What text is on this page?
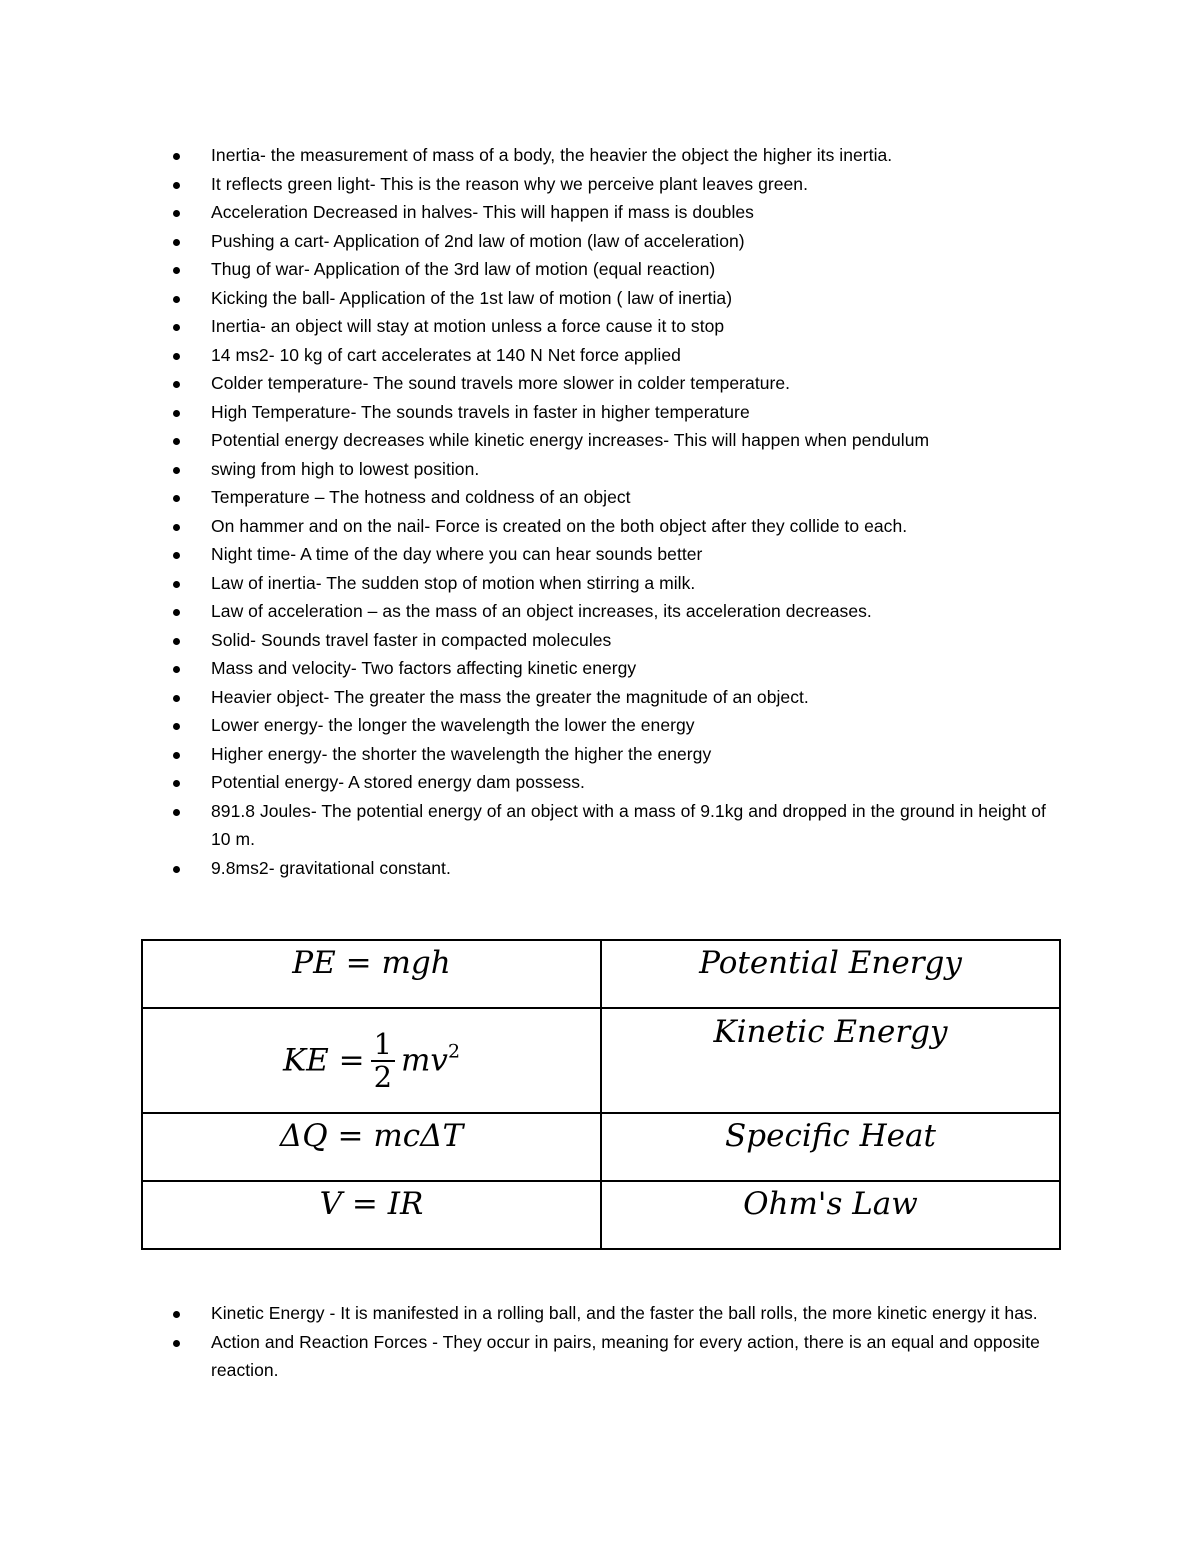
Inertia- the measurement of mass of a body, the heavier the object the higher its inertia.
It reflects green light- This is the reason why we perceive plant leaves green.
Acceleration Decreased in halves- This will happen if mass is doubles
Pushing a cart- Application of 2nd law of motion (law of acceleration)
Thug of war- Application of the 3rd law of motion (equal reaction)
Kicking the ball- Application of the 1st law of motion ( law of inertia)
Inertia- an object will stay at motion unless a force cause it to stop
14 ms2- 10 kg of cart accelerates at 140 N Net force applied
Colder temperature- The sound travels more slower in colder temperature.
High Temperature- The sounds travels in faster in higher temperature
Potential energy decreases while kinetic energy increases- This will happen when pendulum
swing from high to lowest position.
Temperature – The hotness and coldness of an object
On hammer and on the nail- Force is created on the both object after they collide to each.
Night time- A time of the day where you can hear sounds better
Law of inertia- The sudden stop of motion when stirring a milk.
Law of acceleration – as the mass of an object increases, its acceleration decreases.
Solid- Sounds travel faster in compacted molecules
Mass and velocity- Two factors affecting kinetic energy
Heavier object- The greater the mass the greater the magnitude of an object.
Lower energy- the longer the wavelength the lower the energy
Higher energy- the shorter the wavelength the higher the energy
Potential energy- A stored energy dam possess.
891.8 Joules- The potential energy of an object with a mass of 9.1kg and dropped in the ground in height of 10 m.
9.8ms2- gravitational constant.
PE = mgh	Potential Energy

KE = $\frac{1}{2} mv^2$	Kinetic Energy

ΔQ = mcΔT	Specific Heat

V = IR	Ohm's Law
Kinetic Energy - It is manifested in a rolling ball, and the faster the ball rolls, the more kinetic energy it has.
Action and Reaction Forces - They occur in pairs, meaning for every action, there is an equal and opposite reaction.
